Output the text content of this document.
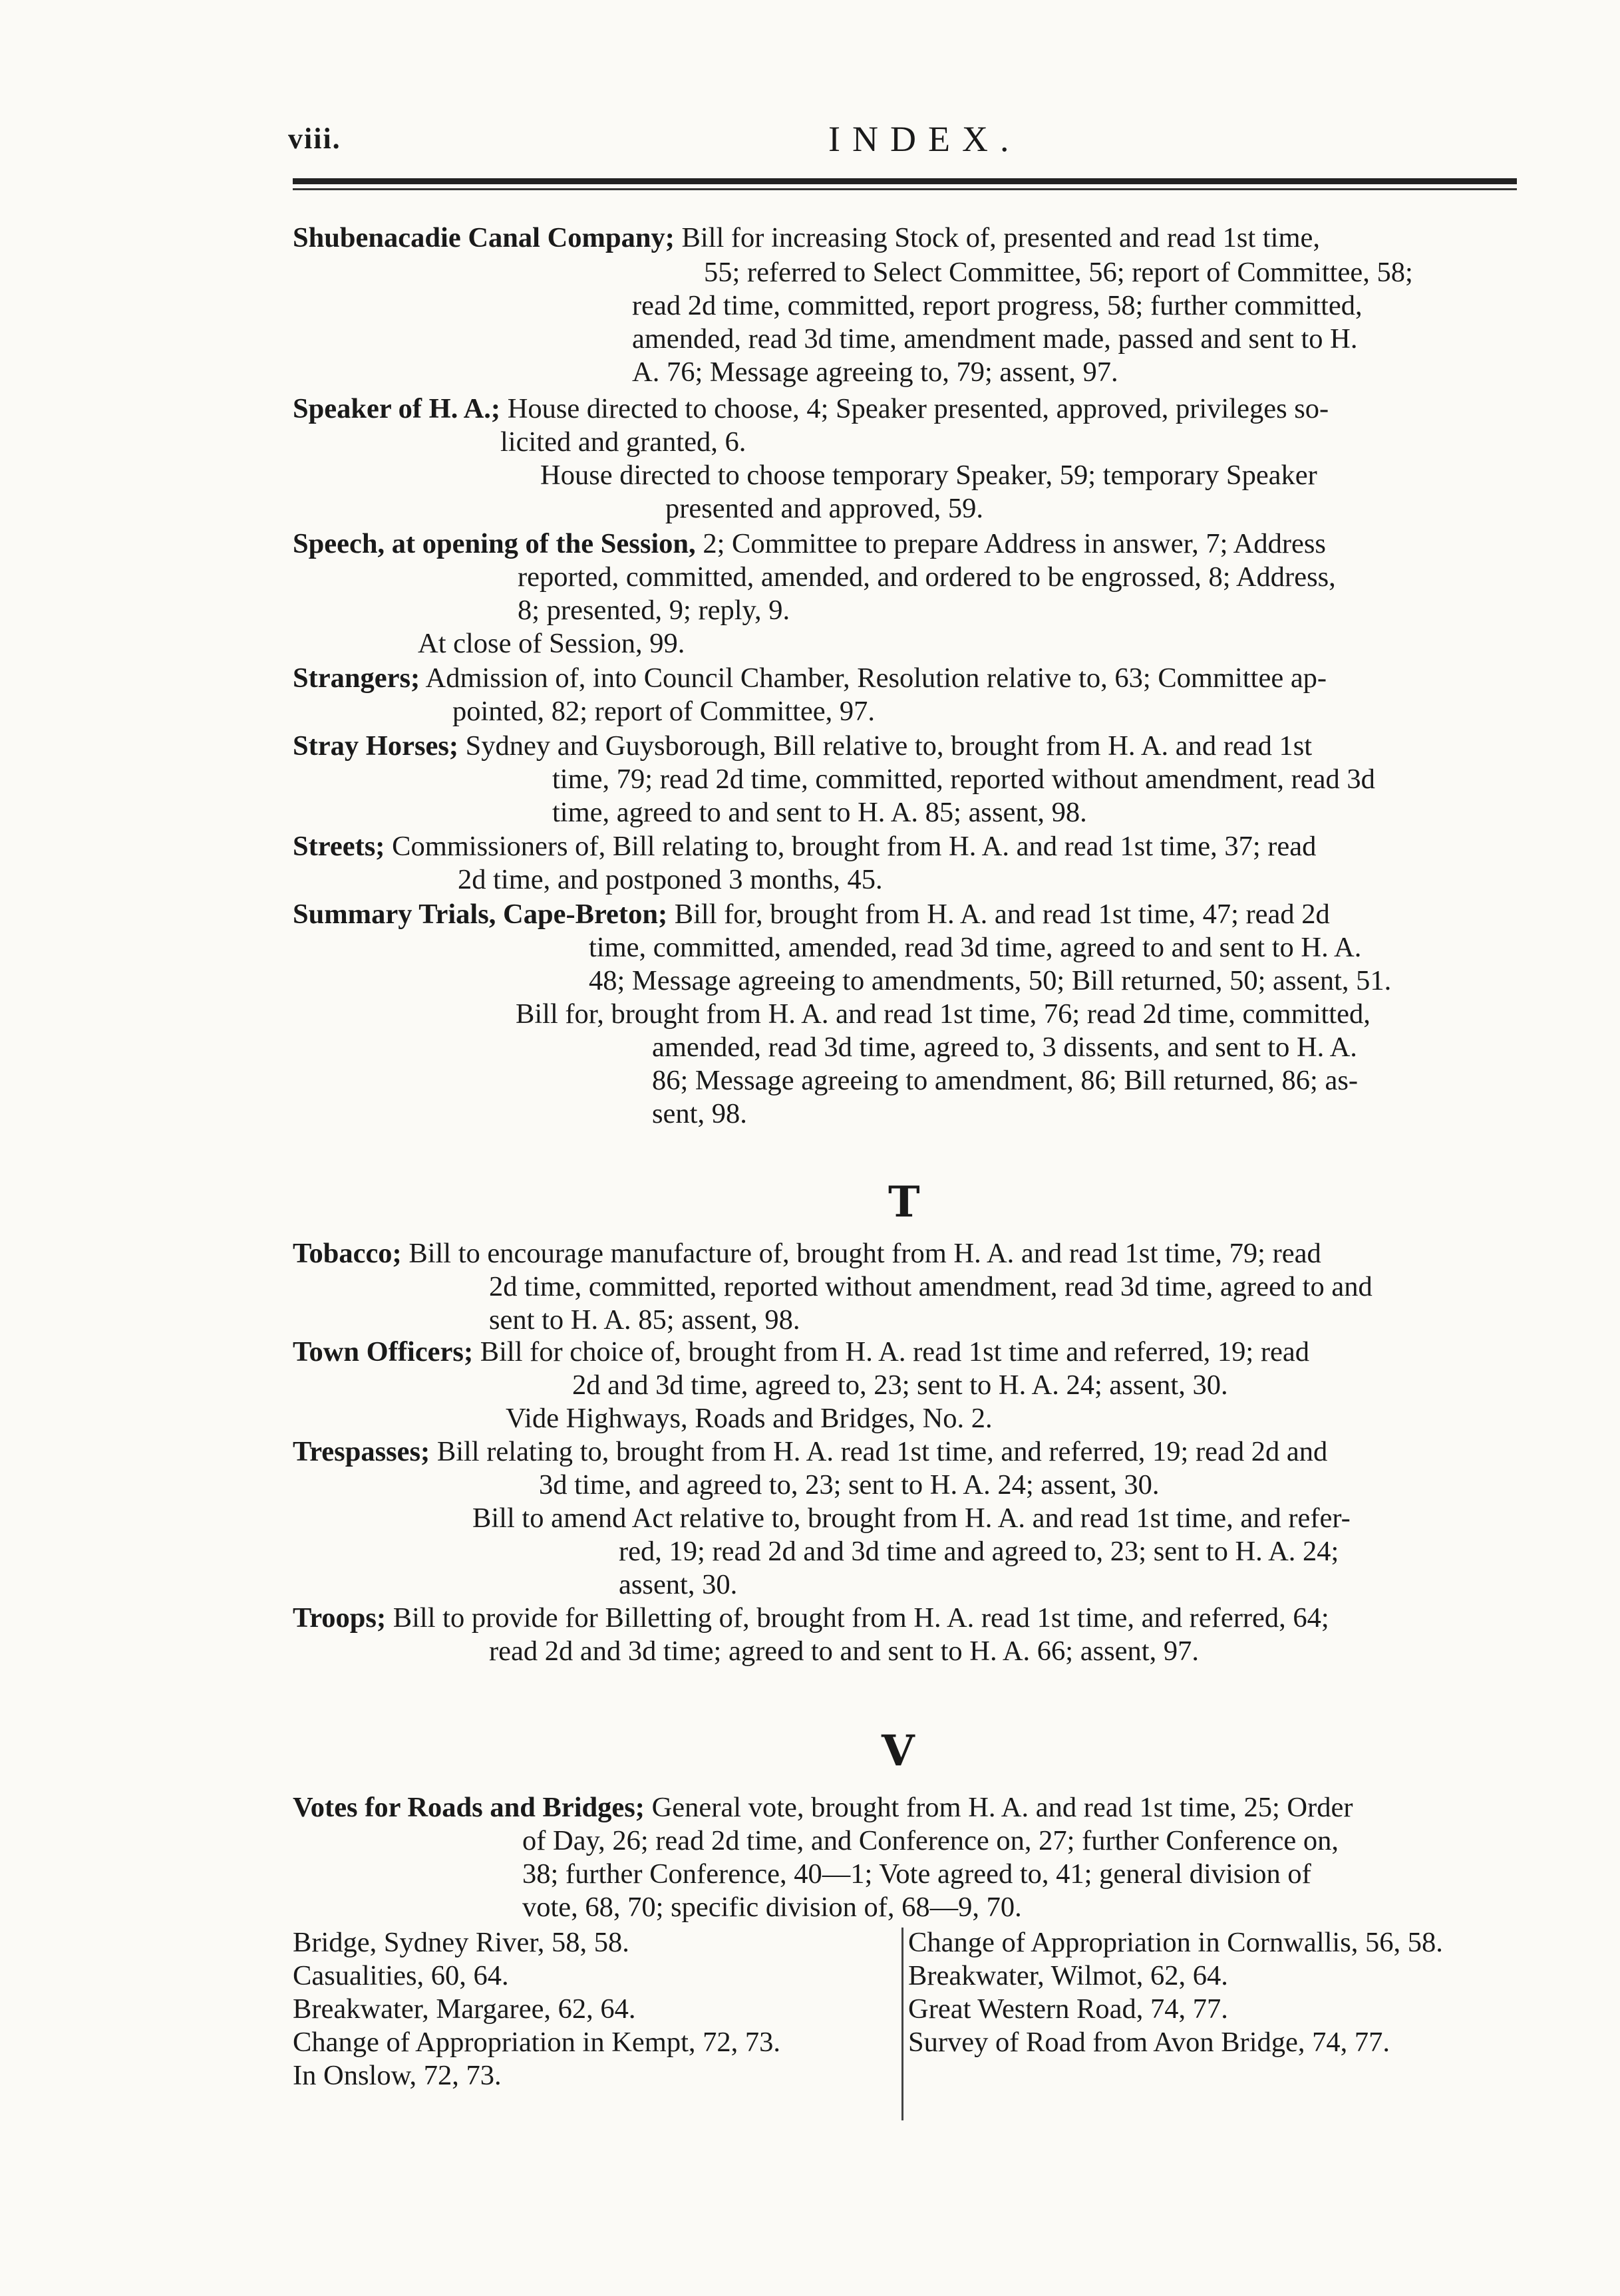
viii.	INDEX.
Shubenacadie Canal Company; Bill for increasing Stock of, presented and read 1st time,
55; referred to Select Committee, 56; report of Committee, 58;
read 2d time, committed, report progress, 58; further committed,
amended, read 3d time, amendment made, passed and sent to H.
A. 76; Message agreeing to, 79; assent, 97.
Speaker of H. A.; House directed to choose, 4; Speaker presented, approved, privileges so-
licited and granted, 6.
House directed to choose temporary Speaker, 59; temporary Speaker
presented and approved, 59.
Speech, at opening of the Session, 2; Committee to prepare Address in answer, 7; Address
reported, committed, amended, and ordered to be engrossed, 8; Address,
8; presented, 9; reply, 9.
At close of Session, 99.
Strangers; Admission of, into Council Chamber, Resolution relative to, 63; Committee ap-
pointed, 82; report of Committee, 97.
Stray Horses; Sydney and Guysborough, Bill relative to, brought from H. A. and read 1st
time, 79; read 2d time, committed, reported without amendment, read 3d
time, agreed to and sent to H. A. 85; assent, 98.
Streets; Commissioners of, Bill relating to, brought from H. A. and read 1st time, 37; read
2d time, and postponed 3 months, 45.
Summary Trials, Cape-Breton; Bill for, brought from H. A. and read 1st time, 47; read 2d
time, committed, amended, read 3d time, agreed to and sent to H. A.
48; Message agreeing to amendments, 50; Bill returned, 50; assent, 51.
Bill for, brought from H. A. and read 1st time, 76; read 2d time, committed,
amended, read 3d time, agreed to, 3 dissents, and sent to H. A.
86; Message agreeing to amendment, 86; Bill returned, 86; as-
sent, 98.
T
Tobacco; Bill to encourage manufacture of, brought from H. A. and read 1st time, 79; read
2d time, committed, reported without amendment, read 3d time, agreed to and
sent to H. A. 85; assent, 98.
Town Officers; Bill for choice of, brought from H. A. read 1st time and referred, 19; read
2d and 3d time, agreed to, 23; sent to H. A. 24; assent, 30.
Vide Highways, Roads and Bridges, No. 2.
Trespasses; Bill relating to, brought from H. A. read 1st time, and referred, 19; read 2d and
3d time, and agreed to, 23; sent to H. A. 24; assent, 30.
Bill to amend Act relative to, brought from H. A. and read 1st time, and refer-
red, 19; read 2d and 3d time and agreed to, 23; sent to H. A. 24;
assent, 30.
Troops; Bill to provide for Billetting of, brought from H. A. read 1st time, and referred, 64;
read 2d and 3d time; agreed to and sent to H. A. 66; assent, 97.
V
Votes for Roads and Bridges; General vote, brought from H. A. and read 1st time, 25; Order
of Day, 26; read 2d time, and Conference on, 27; further Conference on,
38; further Conference, 40—1; Vote agreed to, 41; general division of
vote, 68, 70; specific division of, 68—9, 70.
Bridge, Sydney River, 58, 58.	Change of Appropriation in Cornwallis, 56, 58.
Casualities, 60, 64.	Breakwater, Wilmot, 62, 64.
Breakwater, Margaree, 62, 64.	Great Western Road, 74, 77.
Change of Appropriation in Kempt, 72, 73.	Survey of Road from Avon Bridge, 74, 77.
In Onslow, 72, 73.
